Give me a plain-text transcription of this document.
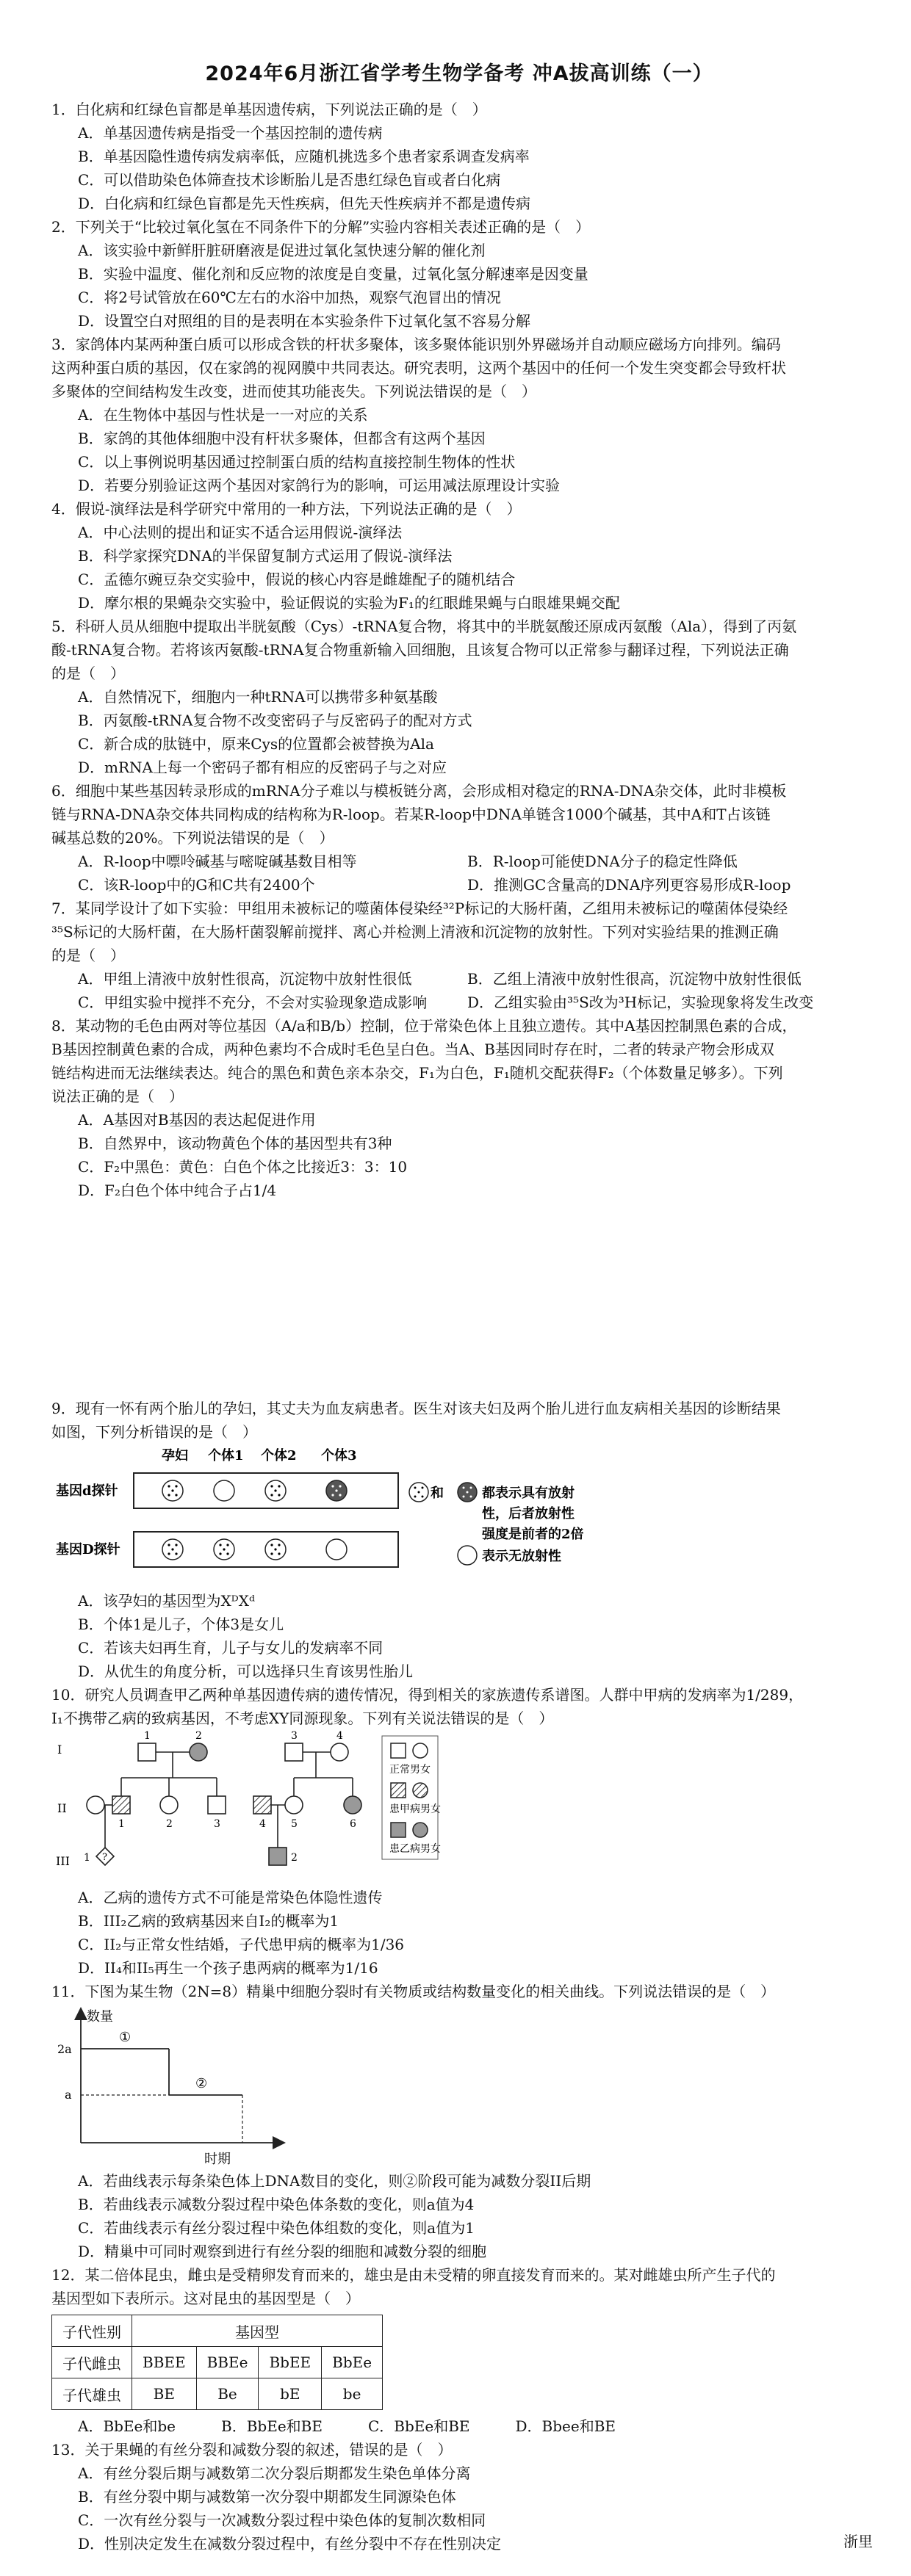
2024年6月浙江省学考生物学备考 冲A拔高训练（一）

1．白化病和红绿色盲都是单基因遗传病，下列说法正确的是（　）

A．单基因遗传病是指受一个基因控制的遗传病

B．单基因隐性遗传病发病率低，应随机挑选多个患者家系调查发病率

C．可以借助染色体筛查技术诊断胎儿是否患红绿色盲或者白化病

D．白化病和红绿色盲都是先天性疾病，但先天性疾病并不都是遗传病

2．下列关于“比较过氧化氢在不同条件下的分解”实验内容相关表述正确的是（　）

A．该实验中新鲜肝脏研磨液是促进过氧化氢快速分解的催化剂

B．实验中温度、催化剂和反应物的浓度是自变量，过氧化氢分解速率是因变量

C．将2号试管放在60℃左右的水浴中加热，观察气泡冒出的情况

D．设置空白对照组的目的是表明在本实验条件下过氧化氢不容易分解

3．家鸽体内某两种蛋白质可以形成含铁的杆状多聚体，该多聚体能识别外界磁场并自动顺应磁场方向排列。编码

这两种蛋白质的基因，仅在家鸽的视网膜中共同表达。研究表明，这两个基因中的任何一个发生突变都会导致杆状

多聚体的空间结构发生改变，进而使其功能丧失。下列说法错误的是（　）

A．在生物体中基因与性状是一一对应的关系

B．家鸽的其他体细胞中没有杆状多聚体，但都含有这两个基因

C．以上事例说明基因通过控制蛋白质的结构直接控制生物体的性状

D．若要分别验证这两个基因对家鸽行为的影响，可运用减法原理设计实验

4．假说-演绎法是科学研究中常用的一种方法，下列说法正确的是（　）

A．中心法则的提出和证实不适合运用假说-演绎法

B．科学家探究DNA的半保留复制方式运用了假说-演绎法

C．孟德尔豌豆杂交实验中，假说的核心内容是雌雄配子的随机结合

D．摩尔根的果蝇杂交实验中，验证假说的实验为F₁的红眼雌果蝇与白眼雄果蝇交配

5．科研人员从细胞中提取出半胱氨酸（Cys）-tRNA复合物，将其中的半胱氨酸还原成丙氨酸（Ala），得到了丙氨

酸-tRNA复合物。若将该丙氨酸-tRNA复合物重新输入回细胞，且该复合物可以正常参与翻译过程，下列说法正确

的是（　）

A．自然情况下，细胞内一种tRNA可以携带多种氨基酸

B．丙氨酸-tRNA复合物不改变密码子与反密码子的配对方式

C．新合成的肽链中，原来Cys的位置都会被替换为Ala

D．mRNA上每一个密码子都有相应的反密码子与之对应

6．细胞中某些基因转录形成的mRNA分子难以与模板链分离，会形成相对稳定的RNA-DNA杂交体，此时非模板

链与RNA-DNA杂交体共同构成的结构称为R-loop。若某R-loop中DNA单链含1000个碱基，其中A和T占该链

碱基总数的20%。下列说法错误的是（　）

A．R-loop中嘌呤碱基与嘧啶碱基数目相等	B．R-loop可能使DNA分子的稳定性降低
C．该R-loop中的G和C共有2400个	D．推测GC含量高的DNA序列更容易形成R-loop

7．某同学设计了如下实验：甲组用未被标记的噬菌体侵染经³²P标记的大肠杆菌，乙组用未被标记的噬菌体侵染经

³⁵S标记的大肠杆菌，在大肠杆菌裂解前搅拌、离心并检测上清液和沉淀物的放射性。下列对实验结果的推测正确

的是（　）

A．甲组上清液中放射性很高，沉淀物中放射性很低	B．乙组上清液中放射性很高，沉淀物中放射性很低
C．甲组实验中搅拌不充分，不会对实验现象造成影响	D．乙组实验由³⁵S改为³H标记，实验现象将发生改变

8．某动物的毛色由两对等位基因（A/a和B/b）控制，位于常染色体上且独立遗传。其中A基因控制黑色素的合成，

B基因控制黄色素的合成，两种色素均不合成时毛色呈白色。当A、B基因同时存在时，二者的转录产物会形成双

链结构进而无法继续表达。纯合的黑色和黄色亲本杂交，F₁为白色，F₁随机交配获得F₂（个体数量足够多）。下列

说法正确的是（　）

A．A基因对B基因的表达起促进作用

B．自然界中，该动物黄色个体的基因型共有3种

C．F₂中黑色：黄色：白色个体之比接近3：3：10

D．F₂白色个体中纯合子占1/4

9．现有一怀有两个胎儿的孕妇，其丈夫为血友病患者。医生对该夫妇及两个胎儿进行血友病相关基因的诊断结果

如图，下列分析错误的是（　）

孕妇 个体1 个体2 个体3
基因d探针
基因D探针
和	都表示具有放射
性，后者放射性
强度是前者的2倍
表示无放射性

A．该孕妇的基因型为XᴰXᵈ

B．个体1是儿子，个体3是女儿

C．若该夫妇再生育，儿子与女儿的发病率不同

D．从优生的角度分析，可以选择只生育该男性胎儿

10．研究人员调查甲乙两种单基因遗传病的遗传情况，得到相关的家族遗传系谱图。人群中甲病的发病率为1/289，

I₁不携带乙病的致病基因，不考虑XY同源现象。下列有关说法错误的是（　）

I
II
III
1	2	3	4
1	2	3	4 5	6
?
1	2
正常男女
患甲病男女
患乙病男女

A．乙病的遗传方式不可能是常染色体隐性遗传

B．III₂乙病的致病基因来自I₂的概率为1

C．II₂与正常女性结婚，子代患甲病的概率为1/36

D．II₄和II₅再生一个孩子患两病的概率为1/16

11．下图为某生物（2N=8）精巢中细胞分裂时有关物质或结构数量变化的相关曲线。下列说法错误的是（　）

数量
时期
2a
a
①
②

A．若曲线表示每条染色体上DNA数目的变化，则②阶段可能为减数分裂II后期

B．若曲线表示减数分裂过程中染色体条数的变化，则a值为4

C．若曲线表示有丝分裂过程中染色体组数的变化，则a值为1

D．精巢中可同时观察到进行有丝分裂的细胞和减数分裂的细胞

12．某二倍体昆虫，雌虫是受精卵发育而来的，雄虫是由未受精的卵直接发育而来的。某对雌雄虫所产生子代的

基因型如下表所示。这对昆虫的基因型是（　）

子代性别	基因型			
子代雌虫	BBEE	BBEe	BbEE	BbEe
子代雄虫	BE	Be	bE	be
A．BbEe和be	B．BbEe和BE	C．BbEe和BE	D．Bbee和BE

13．关于果蝇的有丝分裂和减数分裂的叙述，错误的是（　）

A．有丝分裂后期与减数第二次分裂后期都发生染色单体分离

B．有丝分裂中期与减数第一次分裂中期都发生同源染色体

C．一次有丝分裂与一次减数分裂过程中染色体的复制次数相同

D．性别决定发生在减数分裂过程中，有丝分裂中不存在性别决定	浙里
